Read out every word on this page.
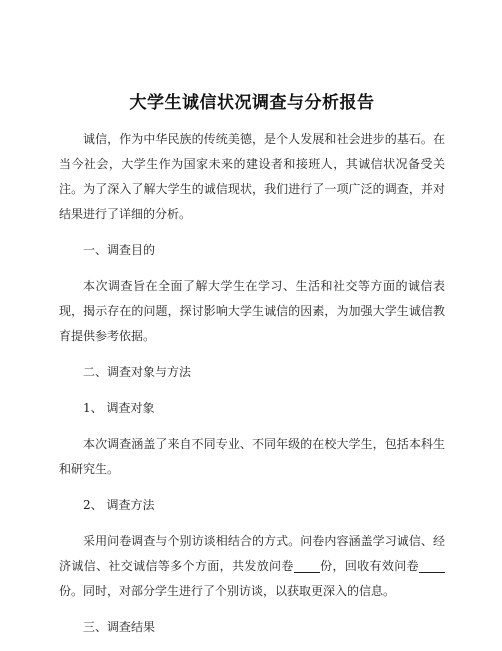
大学生诚信状况调查与分析报告

诚信，作为中华民族的传统美德，是个人发展和社会进步的基石。在当今社会，大学生作为国家未来的建设者和接班人，其诚信状况备受关注。为了深入了解大学生的诚信现状，我们进行了一项广泛的调查，并对结果进行了详细的分析。

一、调查目的

本次调查旨在全面了解大学生在学习、生活和社交等方面的诚信表现，揭示存在的问题，探讨影响大学生诚信的因素，为加强大学生诚信教育提供参考依据。

二、调查对象与方法

1、 调查对象

本次调查涵盖了来自不同专业、不同年级的在校大学生，包括本科生和研究生。

2、 调查方法

采用问卷调查与个别访谈相结合的方式。问卷内容涵盖学习诚信、经济诚信、社交诚信等多个方面，共发放问卷 份，回收有效问卷份。同时，对部分学生进行了个别访谈，以获取更深入的信息。

三、调查结果
